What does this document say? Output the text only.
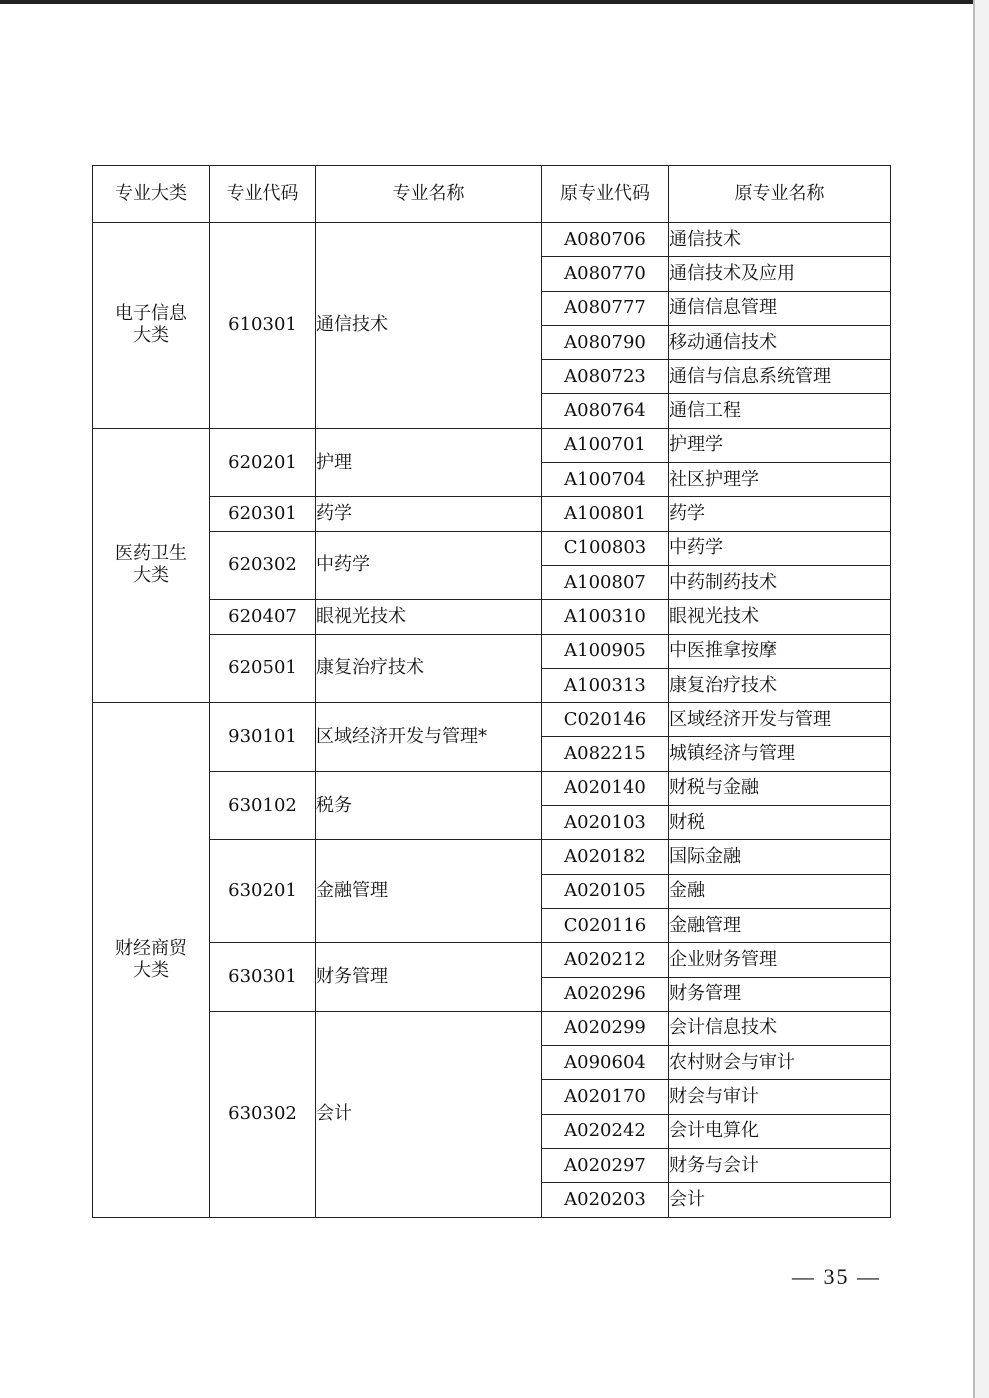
专业大类	专业代码	专业名称	原专业代码	原专业名称

电子信息
大类	610301	通信技术	A080706	通信技术
			A080770	通信技术及应用
			A080777	通信信息管理
			A080790	移动通信技术
			A080723	通信与信息系统管理
			A080764	通信工程

医药卫生
大类	620201	护理	A100701	护理学
			A100704	社区护理学
	620301	药学	A100801	药学
	620302	中药学	C100803	中药学
			A100807	中药制药技术
	620407	眼视光技术	A100310	眼视光技术
	620501	康复治疗技术	A100905	中医推拿按摩
			A100313	康复治疗技术

财经商贸
大类	930101	区域经济开发与管理*	C020146	区域经济开发与管理
			A082215	城镇经济与管理
	630102	税务	A020140	财税与金融
			A020103	财税
	630201	金融管理	A020182	国际金融
			A020105	金融
			C020116	金融管理
	630301	财务管理	A020212	企业财务管理
			A020296	财务管理
	630302	会计	A020299	会计信息技术
			A090604	农村财会与审计
			A020170	财会与审计
			A020242	会计电算化
			A020297	财务与会计
			A020203	会计
— 35 —
